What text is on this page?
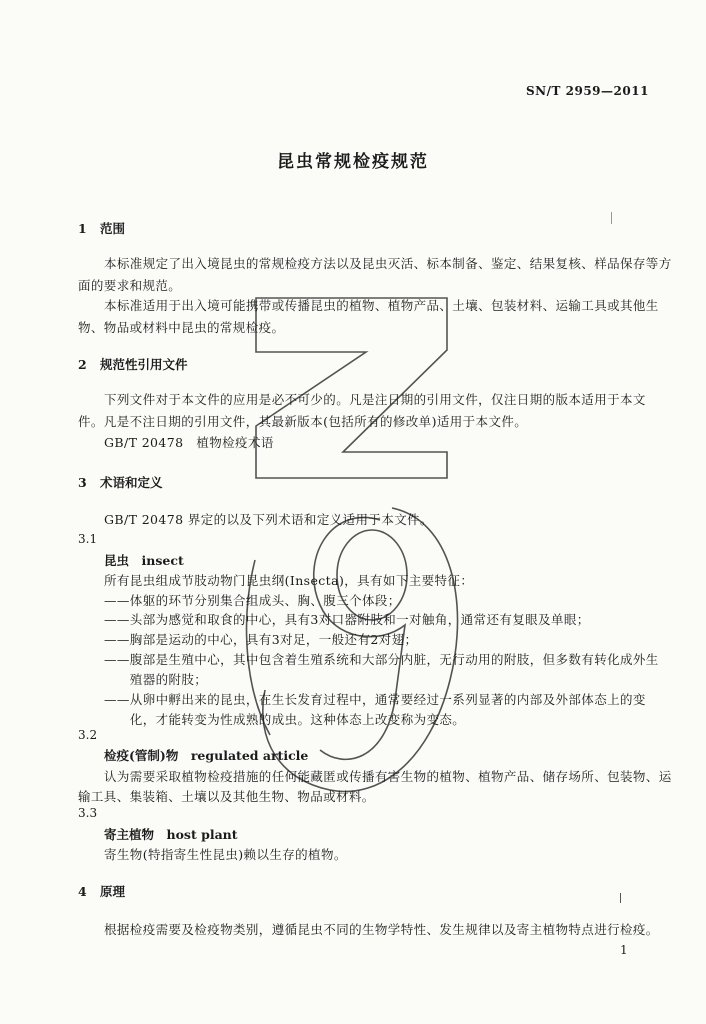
SN/T 2959—2011
昆虫常规检疫规范
1 范围
本标准规定了出入境昆虫的常规检疫方法以及昆虫灭活、标本制备、鉴定、结果复核、样品保存等方
面的要求和规范。
本标准适用于出入境可能携带或传播昆虫的植物、植物产品、土壤、包装材料、运输工具或其他生
物、物品或材料中昆虫的常规检疫。
2 规范性引用文件
下列文件对于本文件的应用是必不可少的。凡是注日期的引用文件，仅注日期的版本适用于本文
件。凡是不注日期的引用文件，其最新版本(包括所有的修改单)适用于本文件。
GB/T 20478　植物检疫术语
3 术语和定义
GB/T 20478 界定的以及下列术语和定义适用于本文件。
3.1
昆虫　insect
所有昆虫组成节肢动物门昆虫纲(Insecta)，具有如下主要特征：
——体躯的环节分别集合组成头、胸、腹三个体段；
——头部为感觉和取食的中心，具有3对口器附肢和一对触角，通常还有复眼及单眼；
——胸部是运动的中心，具有3对足，一般还有2对翅；
——腹部是生殖中心，其中包含着生殖系统和大部分内脏，无行动用的附肢，但多数有转化成外生
　　殖器的附肢；
——从卵中孵出来的昆虫，在生长发育过程中，通常要经过一系列显著的内部及外部体态上的变
　　化，才能转变为性成熟的成虫。这种体态上改变称为变态。
3.2
检疫(管制)物　regulated article
认为需要采取植物检疫措施的任何能藏匿或传播有害生物的植物、植物产品、储存场所、包装物、运
输工具、集装箱、土壤以及其他生物、物品或材料。
3.3
寄主植物　host plant
寄生物(特指寄生性昆虫)赖以生存的植物。
4 原理
根据检疫需要及检疫物类别，遵循昆虫不同的生物学特性、发生规律以及寄主植物特点进行检疫。
1
